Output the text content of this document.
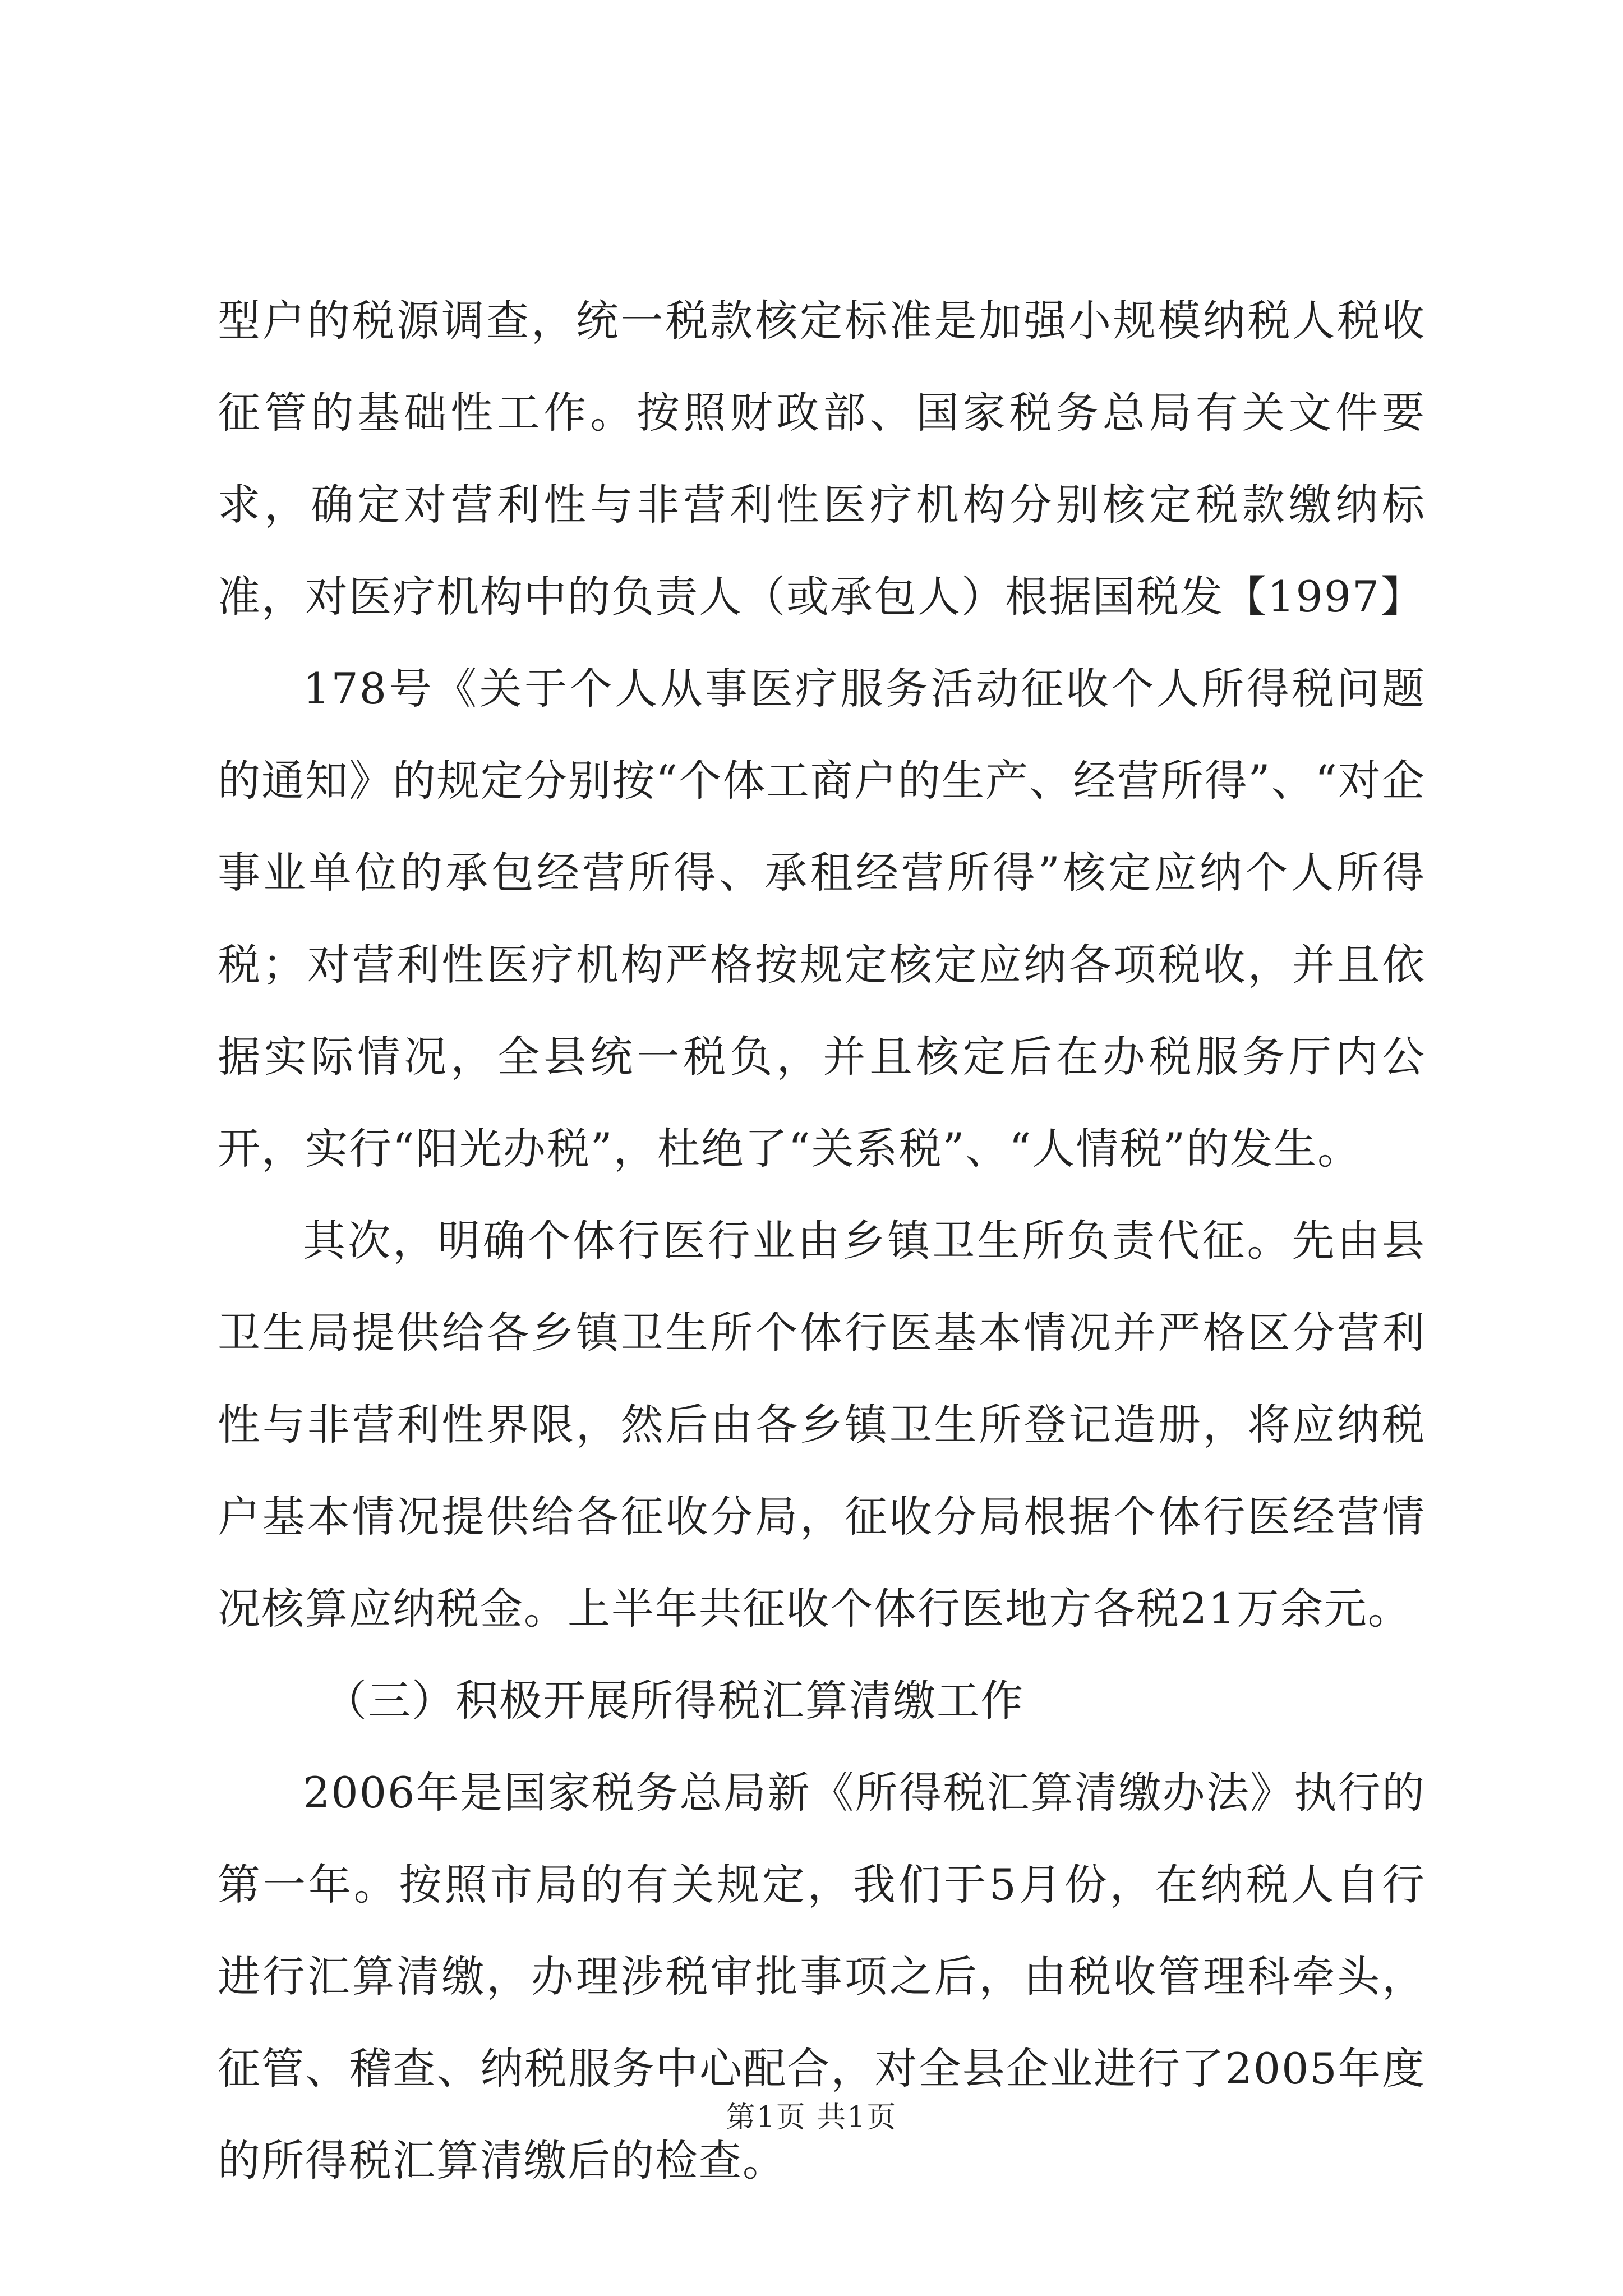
型户的税源调查，统一税款核定标准是加强小规模纳税人税收征管的基础性工作。按照财政部、国家税务总局有关文件要求，确定对营利性与非营利性医疗机构分别核定税款缴纳标准，对医疗机构中的负责人（或承包人）根据国税发【1997】

178号《关于个人从事医疗服务活动征收个人所得税问题的通知》的规定分别按“个体工商户的生产、经营所得”、“对企事业单位的承包经营所得、承租经营所得”核定应纳个人所得税；对营利性医疗机构严格按规定核定应纳各项税收，并且依据实际情况，全县统一税负，并且核定后在办税服务厅内公开，实行“阳光办税”，杜绝了“关系税”、“人情税”的发生。

其次，明确个体行医行业由乡镇卫生所负责代征。先由县卫生局提供给各乡镇卫生所个体行医基本情况并严格区分营利性与非营利性界限，然后由各乡镇卫生所登记造册，将应纳税户基本情况提供给各征收分局，征收分局根据个体行医经营情况核算应纳税金。上半年共征收个体行医地方各税21万余元。

（三）积极开展所得税汇算清缴工作

2006年是国家税务总局新《所得税汇算清缴办法》执行的第一年。按照市局的有关规定，我们于5月份，在纳税人自行进行汇算清缴，办理涉税审批事项之后，由税收管理科牵头，征管、稽查、纳税服务中心配合，对全县企业进行了2005年度的所得税汇算清缴后的检查。

第1页 共1页
